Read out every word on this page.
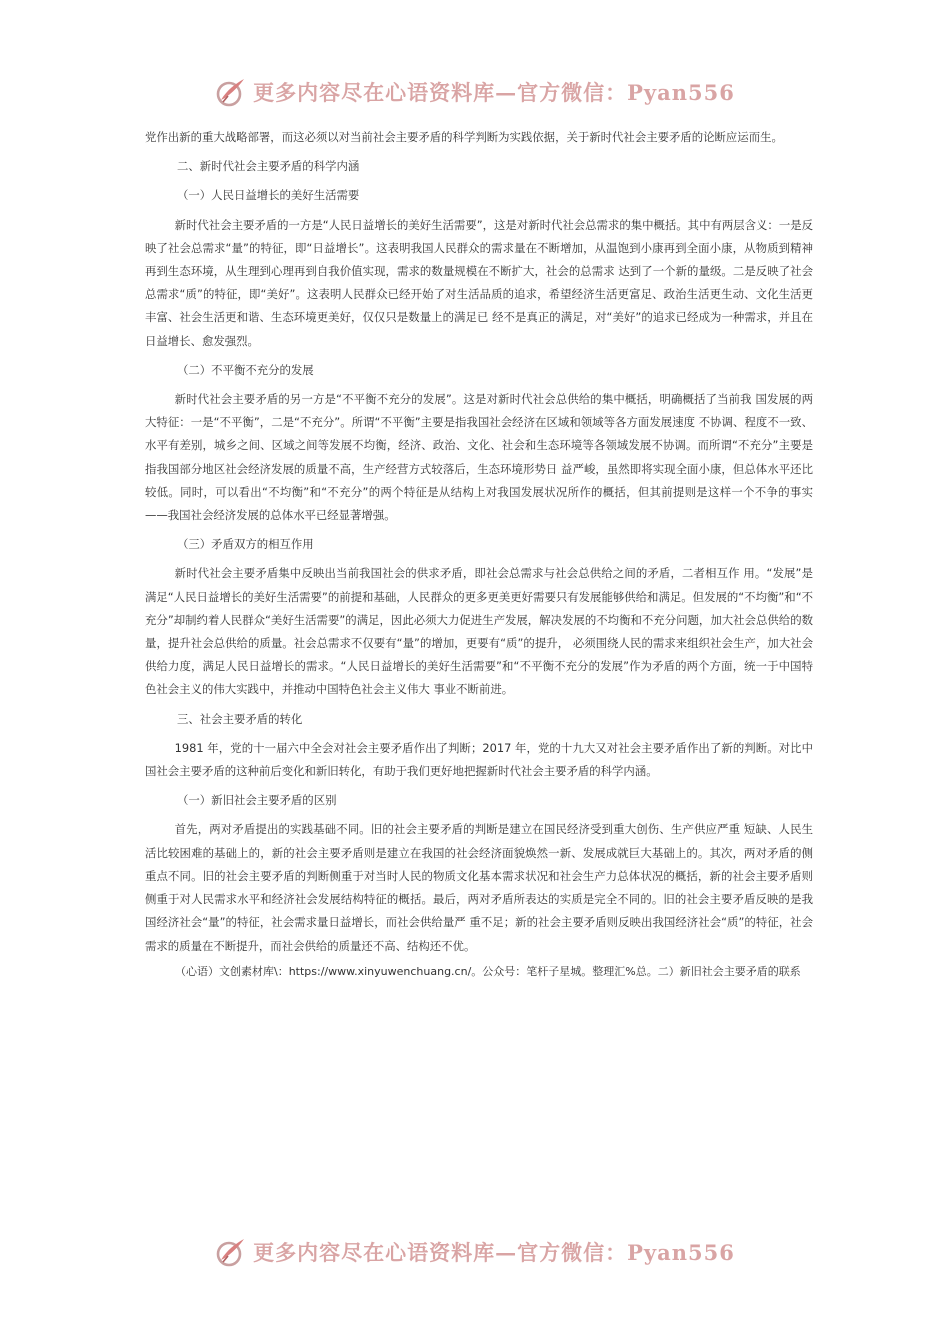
更多内容尽在心语资料库—官方微信：Pyan556

党作出新的重大战略部署，而这必须以对当前社会主要矛盾的科学判断为实践依据，关于新时代社会主要矛盾的论断应运而生。

二、新时代社会主要矛盾的科学内涵

（一）人民日益增长的美好生活需要

新时代社会主要矛盾的一方是“人民日益增长的美好生活需要”，这是对新时代社会总需求的集中概括。其中有两层含义：一是反映了社会总需求“量”的特征，即“日益增长”。这表明我国人民群众的需求量在不断增加，从温饱到小康再到全面小康，从物质到精神再到生态环境，从生理到心理再到自我价值实现，需求的数量规模在不断扩大，社会的总需求 达到了一个新的量级。二是反映了社会总需求“质”的特征，即“美好”。这表明人民群众已经开始了对生活品质的追求，希望经济生活更富足、政治生活更生动、文化生活更丰富、社会生活更和谐、生态环境更美好，仅仅只是数量上的满足已 经不是真正的满足，对“美好”的追求已经成为一种需求，并且在日益增长、愈发强烈。

（二）不平衡不充分的发展

新时代社会主要矛盾的另一方是“不平衡不充分的发展”。这是对新时代社会总供给的集中概括，明确概括了当前我 国发展的两大特征：一是“不平衡”，二是“不充分”。所谓“不平衡”主要是指我国社会经济在区域和领域等各方面发展速度 不协调、程度不一致、水平有差别，城乡之间、区域之间等发展不均衡，经济、政治、文化、社会和生态环境等各领域发展不协调。而所谓“不充分”主要是指我国部分地区社会经济发展的质量不高，生产经营方式较落后，生态环境形势日 益严峻，虽然即将实现全面小康，但总体水平还比较低。同时，可以看出“不均衡”和“不充分”的两个特征是从结构上对我国发展状况所作的概括，但其前提则是这样一个不争的事实——我国社会经济发展的总体水平已经显著增强。

（三）矛盾双方的相互作用

新时代社会主要矛盾集中反映出当前我国社会的供求矛盾，即社会总需求与社会总供给之间的矛盾，二者相互作 用。“发展”是满足“人民日益增长的美好生活需要”的前提和基础，人民群众的更多更美更好需要只有发展能够供给和满足。但发展的“不均衡”和“不充分”却制约着人民群众“美好生活需要”的满足，因此必须大力促进生产发展，解决发展的不均衡和不充分问题，加大社会总供给的数量，提升社会总供给的质量。社会总需求不仅要有“量”的增加，更要有“质”的提升， 必须围绕人民的需求来组织社会生产，加大社会供给力度，满足人民日益增长的需求。“人民日益增长的美好生活需要”和“不平衡不充分的发展”作为矛盾的两个方面，统一于中国特色社会主义的伟大实践中，并推动中国特色社会主义伟大 事业不断前进。

三、社会主要矛盾的转化

1981 年，党的十一届六中全会对社会主要矛盾作出了判断；2017 年，党的十九大又对社会主要矛盾作出了新的判断。对比中国社会主要矛盾的这种前后变化和新旧转化，有助于我们更好地把握新时代社会主要矛盾的科学内涵。

（一）新旧社会主要矛盾的区别

首先，两对矛盾提出的实践基础不同。旧的社会主要矛盾的判断是建立在国民经济受到重大创伤、生产供应严重 短缺、人民生活比较困难的基础上的，新的社会主要矛盾则是建立在我国的社会经济面貌焕然一新、发展成就巨大基础上的。其次，两对矛盾的侧重点不同。旧的社会主要矛盾的判断侧重于对当时人民的物质文化基本需求状况和社会生产力总体状况的概括，新的社会主要矛盾则侧重于对人民需求水平和经济社会发展结构特征的概括。最后，两对矛盾所表达的实质是完全不同的。旧的社会主要矛盾反映的是我国经济社会“量”的特征，社会需求量日益增长，而社会供给量严 重不足；新的社会主要矛盾则反映出我国经济社会“质”的特征，社会需求的质量在不断提升，而社会供给的质量还不高、结构还不优。

（心语）文创素材库\：https://www.xinyuwenchuang.cn/。公众号：笔杆子星城。整理汇%总。二）新旧社会主要矛盾的联系

更多内容尽在心语资料库—官方微信：Pyan556
